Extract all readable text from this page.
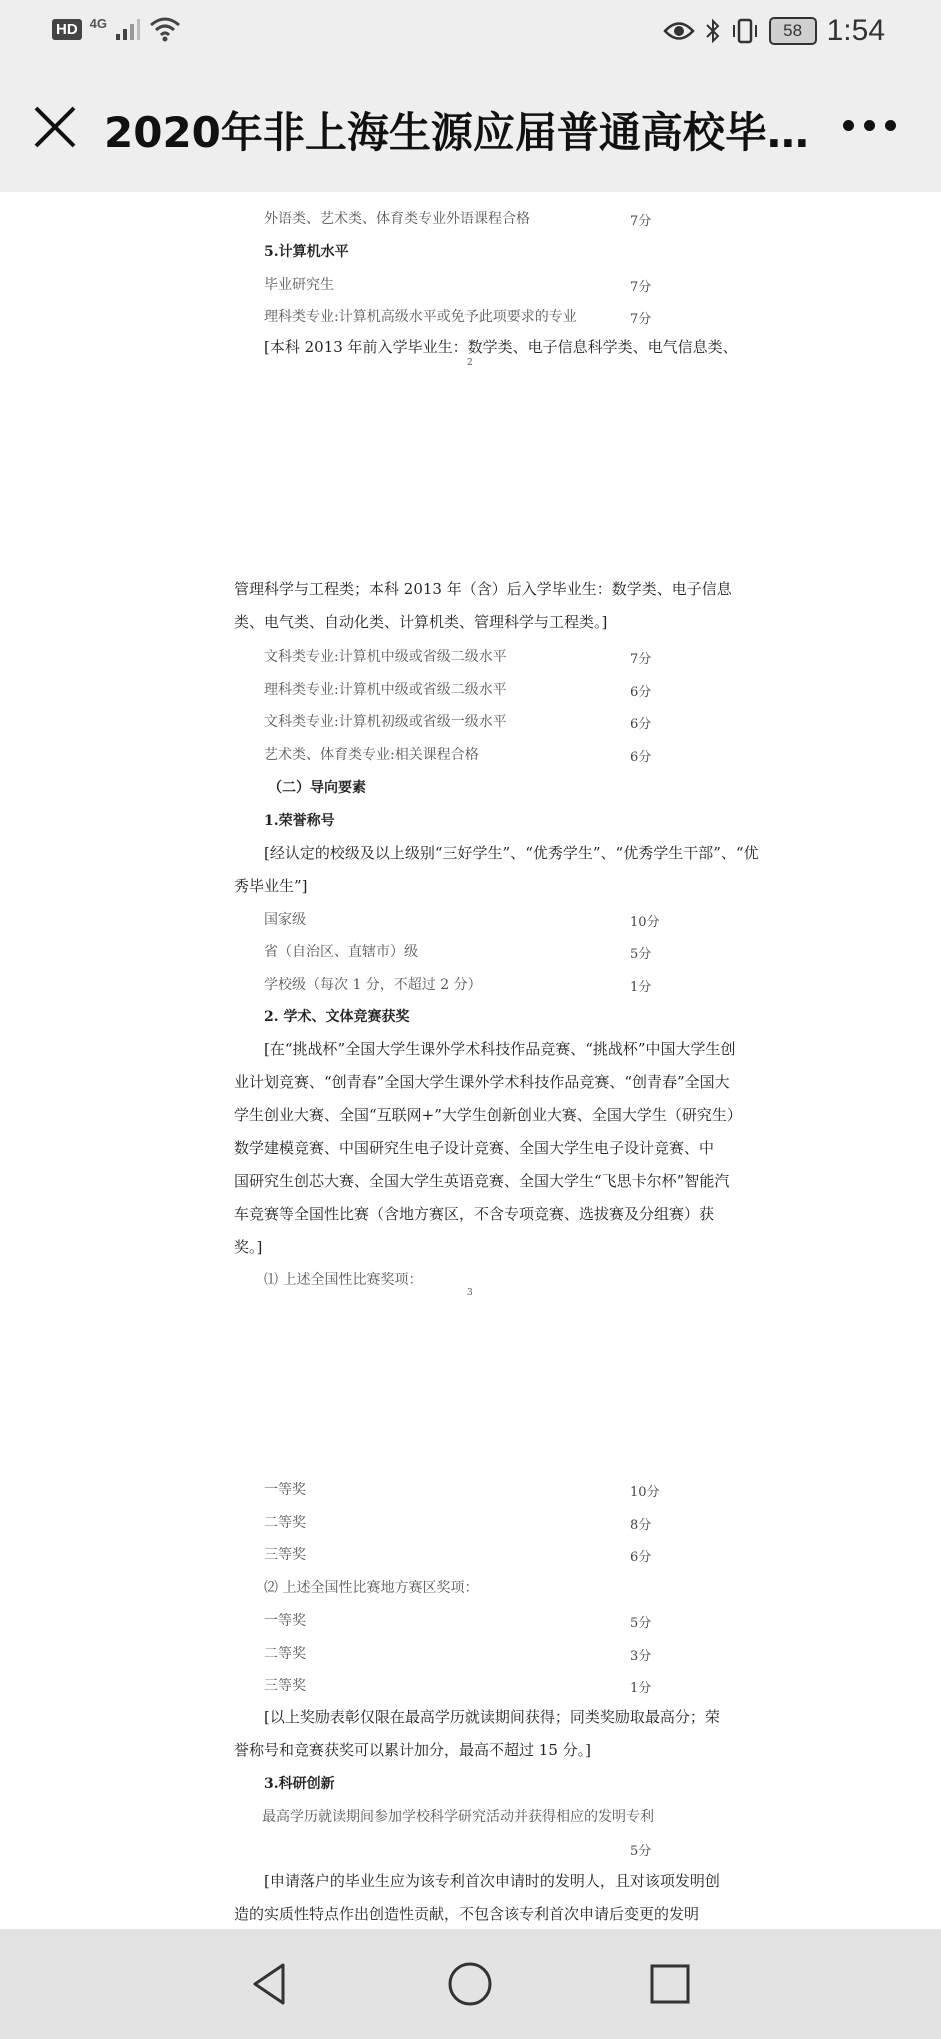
HD 4G	58 1:54
2020年非上海生源应届普通高校毕…
外语类、艺术类、体育类专业外语课程合格	7分
5.计算机水平
毕业研究生	7分
理科类专业:计算机高级水平或免予此项要求的专业	7分
[本科 2013 年前入学毕业生：数学类、电子信息科学类、电气信息类、
2
管理科学与工程类；本科 2013 年（含）后入学毕业生：数学类、电子信息
类、电气类、自动化类、计算机类、管理科学与工程类。]
文科类专业:计算机中级或省级二级水平	7分
理科类专业:计算机中级或省级二级水平	6分
文科类专业:计算机初级或省级一级水平	6分
艺术类、体育类专业:相关课程合格	6分
（二）导向要素
1.荣誉称号
[经认定的校级及以上级别“三好学生”、“优秀学生”、“优秀学生干部”、“优
秀毕业生”]
国家级	10分
省（自治区、直辖市）级	5分
学校级（每次 1 分，不超过 2 分）	1分
2. 学术、文体竞赛获奖
[在“挑战杯”全国大学生课外学术科技作品竞赛、“挑战杯”中国大学生创
业计划竞赛、“创青春”全国大学生课外学术科技作品竞赛、“创青春”全国大
学生创业大赛、全国“互联网+”大学生创新创业大赛、全国大学生（研究生）
数学建模竞赛、中国研究生电子设计竞赛、全国大学生电子设计竞赛、中
国研究生创芯大赛、全国大学生英语竞赛、全国大学生“飞思卡尔杯”智能汽
车竞赛等全国性比赛（含地方赛区，不含专项竞赛、选拔赛及分组赛）获
奖。]
⑴ 上述全国性比赛奖项：
3
一等奖	10分
二等奖	8分
三等奖	6分
⑵ 上述全国性比赛地方赛区奖项：
一等奖	5分
二等奖	3分
三等奖	1分
[以上奖励表彰仅限在最高学历就读期间获得；同类奖励取最高分；荣
誉称号和竞赛获奖可以累计加分，最高不超过 15 分。]
3.科研创新
最高学历就读期间参加学校科学研究活动并获得相应的发明专利
5分
[申请落户的毕业生应为该专利首次申请时的发明人，且对该项发明创
造的实质性特点作出创造性贡献，不包含该专利首次申请后变更的发明
